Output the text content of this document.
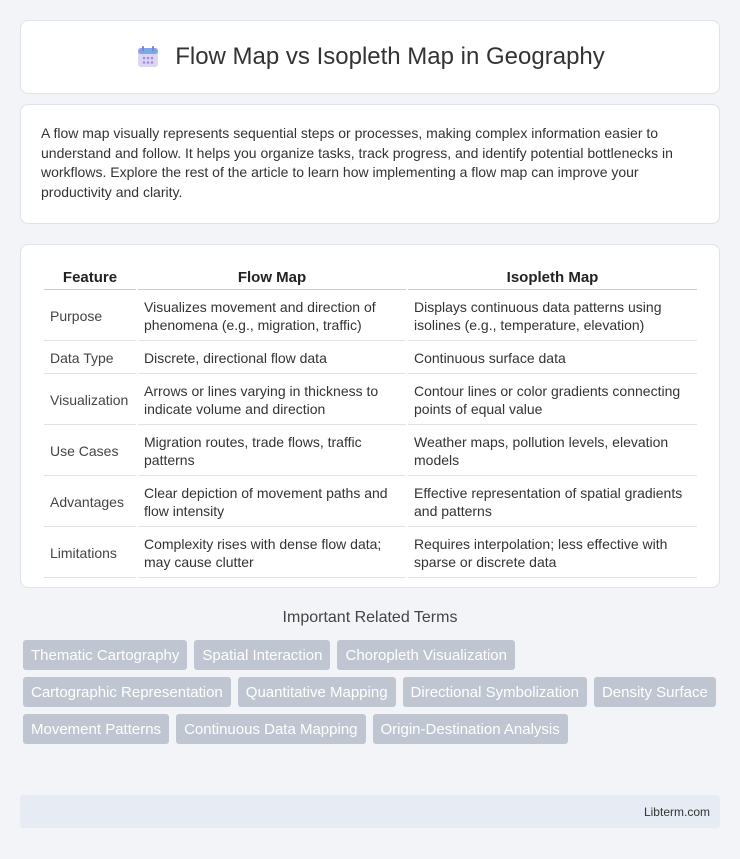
Flow Map vs Isopleth Map in Geography

A flow map visually represents sequential steps or processes, making complex information easier to understand and follow. It helps you organize tasks, track progress, and identify potential bottlenecks in workflows. Explore the rest of the article to learn how implementing a flow map can improve your productivity and clarity.

Feature	Flow Map	Isopleth Map
Purpose	Visualizes movement and direction of phenomena (e.g., migration, traffic)	Displays continuous data patterns using isolines (e.g., temperature, elevation)
Data Type	Discrete, directional flow data	Continuous surface data
Visualization	Arrows or lines varying in thickness to indicate volume and direction	Contour lines or color gradients connecting points of equal value
Use Cases	Migration routes, trade flows, traffic patterns	Weather maps, pollution levels, elevation models
Advantages	Clear depiction of movement paths and flow intensity	Effective representation of spatial gradients and patterns
Limitations	Complexity rises with dense flow data; may cause clutter	Requires interpolation; less effective with sparse or discrete data
Important Related Terms
Thematic Cartography	Spatial Interaction	Choropleth Visualization
Cartographic Representation	Quantitative Mapping	Directional Symbolization	Density Surface
Movement Patterns	Continuous Data Mapping	Origin-Destination Analysis
Libterm.com
